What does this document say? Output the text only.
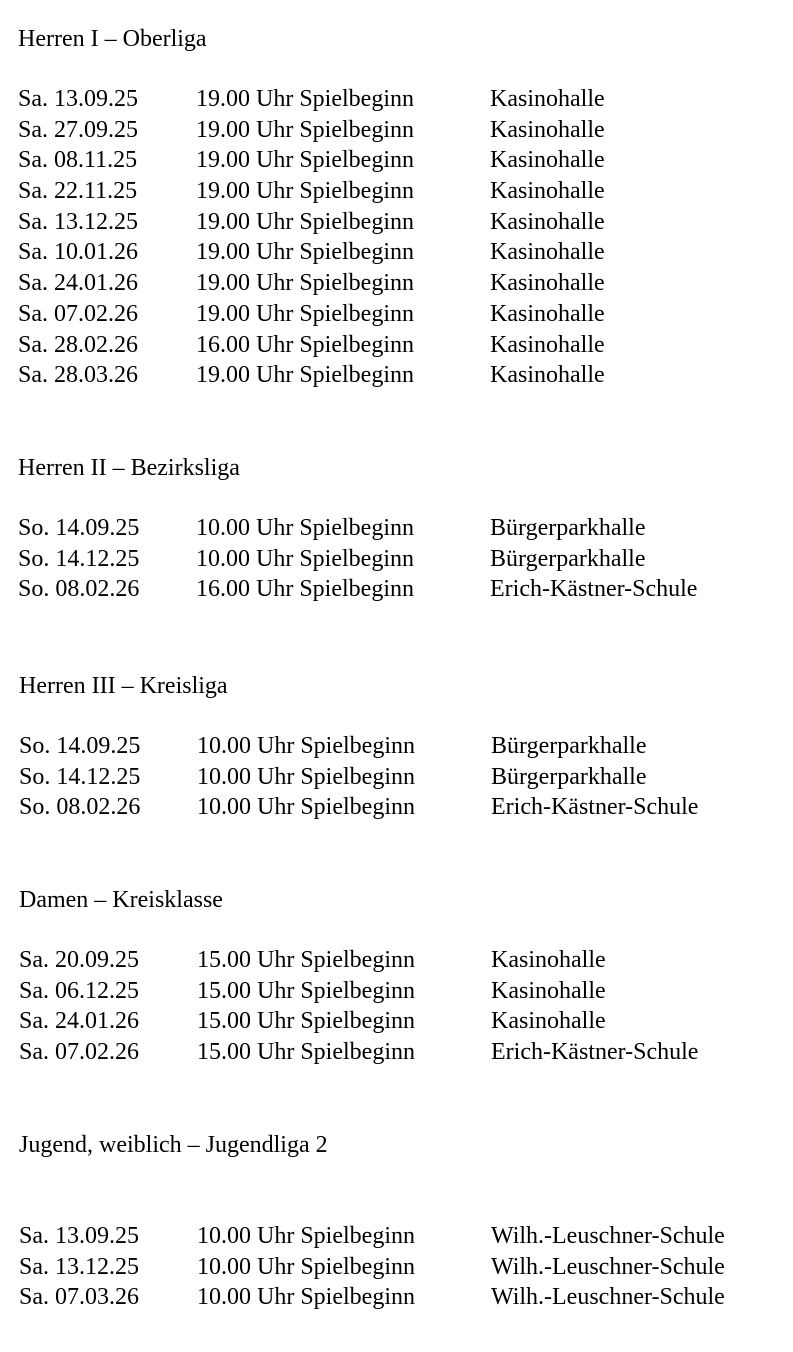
Herren I – Oberliga
Sa. 13.09.25 19.00 Uhr Spielbeginn	Kasinohalle
Sa. 27.09.25 19.00 Uhr Spielbeginn	Kasinohalle
Sa. 08.11.25 19.00 Uhr Spielbeginn	Kasinohalle
Sa. 22.11.25 19.00 Uhr Spielbeginn	Kasinohalle
Sa. 13.12.25 19.00 Uhr Spielbeginn	Kasinohalle
Sa. 10.01.26 19.00 Uhr Spielbeginn	Kasinohalle
Sa. 24.01.26 19.00 Uhr Spielbeginn	Kasinohalle
Sa. 07.02.26 19.00 Uhr Spielbeginn	Kasinohalle
Sa. 28.02.26 16.00 Uhr Spielbeginn	Kasinohalle
Sa. 28.03.26 19.00 Uhr Spielbeginn	Kasinohalle
Herren II – Bezirksliga
So. 14.09.25 10.00 Uhr Spielbeginn	Bürgerparkhalle
So. 14.12.25 10.00 Uhr Spielbeginn	Bürgerparkhalle
So. 08.02.26 16.00 Uhr Spielbeginn	Erich-Kästner-Schule
Herren III – Kreisliga
So. 14.09.25 10.00 Uhr Spielbeginn	Bürgerparkhalle
So. 14.12.25 10.00 Uhr Spielbeginn	Bürgerparkhalle
So. 08.02.26 10.00 Uhr Spielbeginn	Erich-Kästner-Schule
Damen – Kreisklasse
Sa. 20.09.25 15.00 Uhr Spielbeginn	Kasinohalle
Sa. 06.12.25 15.00 Uhr Spielbeginn	Kasinohalle
Sa. 24.01.26 15.00 Uhr Spielbeginn	Kasinohalle
Sa. 07.02.26 15.00 Uhr Spielbeginn	Erich-Kästner-Schule
Jugend, weiblich – Jugendliga 2
Sa. 13.09.25 10.00 Uhr Spielbeginn	Wilh.-Leuschner-Schule
Sa. 13.12.25 10.00 Uhr Spielbeginn	Wilh.-Leuschner-Schule
Sa. 07.03.26 10.00 Uhr Spielbeginn	Wilh.-Leuschner-Schule
